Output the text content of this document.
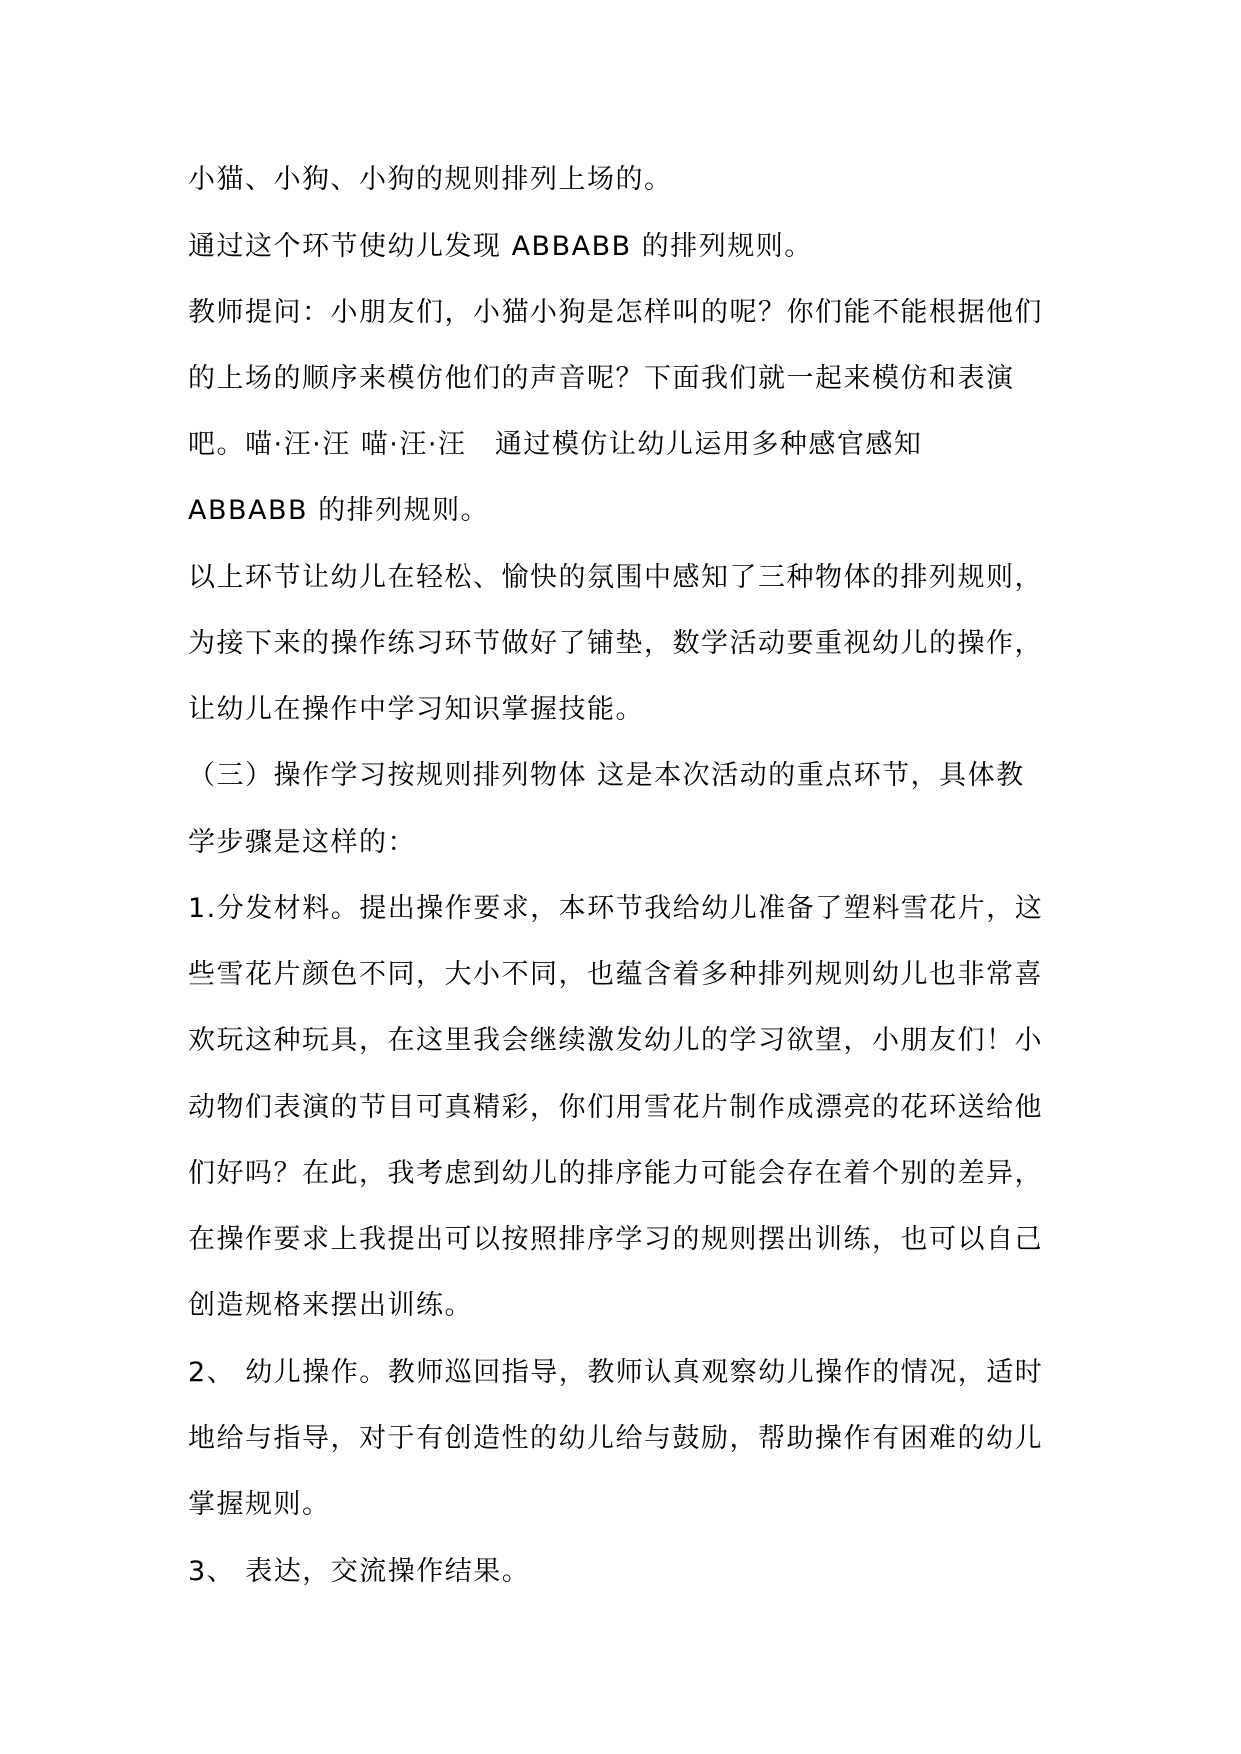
小猫、小狗、小狗的规则排列上场的。
通过这个环节使幼儿发现 ABBABB 的排列规则。
教师提问：小朋友们，小猫小狗是怎样叫的呢？你们能不能根据他们
的上场的顺序来模仿他们的声音呢？下面我们就一起来模仿和表演
吧。喵·汪·汪 喵·汪·汪　通过模仿让幼儿运用多种感官感知
ABBABB 的排列规则。
以上环节让幼儿在轻松、愉快的氛围中感知了三种物体的排列规则，
为接下来的操作练习环节做好了铺垫，数学活动要重视幼儿的操作，
让幼儿在操作中学习知识掌握技能。
（三）操作学习按规则排列物体 这是本次活动的重点环节，具体教
学步骤是这样的：
1.分发材料。提出操作要求，本环节我给幼儿准备了塑料雪花片，这
些雪花片颜色不同，大小不同，也蕴含着多种排列规则幼儿也非常喜
欢玩这种玩具，在这里我会继续激发幼儿的学习欲望，小朋友们！小
动物们表演的节目可真精彩，你们用雪花片制作成漂亮的花环送给他
们好吗？在此，我考虑到幼儿的排序能力可能会存在着个别的差异，
在操作要求上我提出可以按照排序学习的规则摆出训练，也可以自己
创造规格来摆出训练。
2、 幼儿操作。教师巡回指导，教师认真观察幼儿操作的情况，适时
地给与指导，对于有创造性的幼儿给与鼓励，帮助操作有困难的幼儿
掌握规则。
3、 表达，交流操作结果。
